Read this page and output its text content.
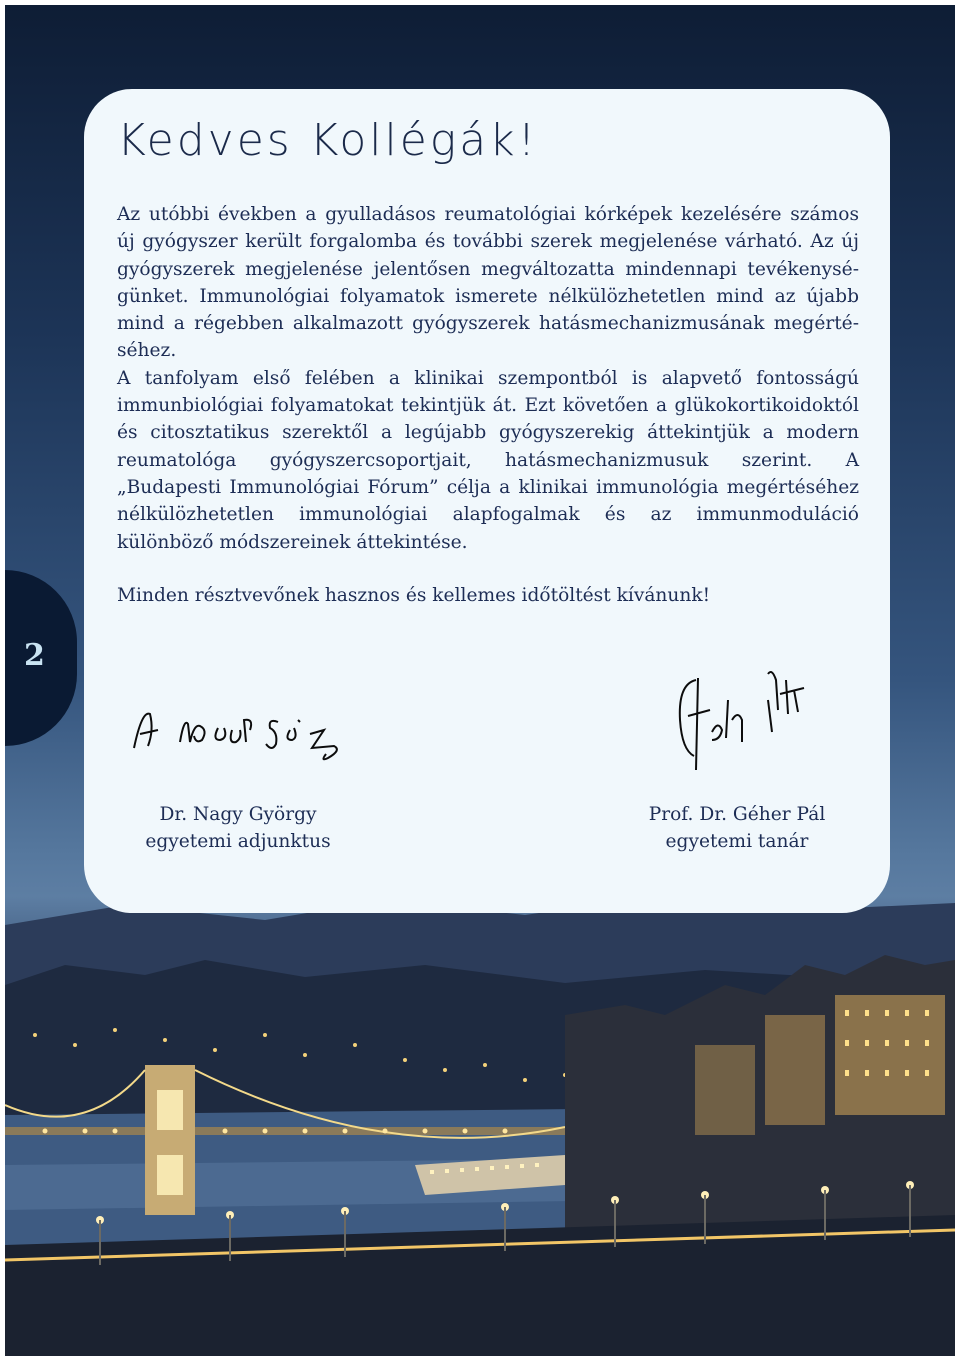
Kedves Kollégák!

Az utóbbi években a gyulladásos reumatológiai kórképek kezelésére számos új gyógyszer került forgalomba és további szerek megjelenése várható. Az új gyógyszerek megjelenése jelentősen megváltozatta mindennapi tevékenységünket. Immunológiai folyamatok ismerete nélkülözhetetlen mind az újabb mind a régebben alkalmazott gyógyszerek hatásmechanizmusának megértéséhez.

A tanfolyam első felében a klinikai szempontból is alapvető fontosságú immunbiológiai folyamatokat tekintjük át. Ezt követően a glükokortikoidoktól és citosztatikus szerektől a legújabb gyógyszerekig áttekintjük a modern reumatológa gyógyszercsoportjait, hatásmechanizmusuk szerint. A „Budapesti Immunológiai Fórum” célja a klinikai immunológia megértéséhez nélkülözhetetlen immunológiai alapfogalmak és az immunmoduláció különböző módszereinek áttekintése.

Minden résztvevőnek hasznos és kellemes időtöltést kívánunk!
2
Dr. Nagy György
egyetemi adjunktus
Prof. Dr. Géher Pál
egyetemi tanár
